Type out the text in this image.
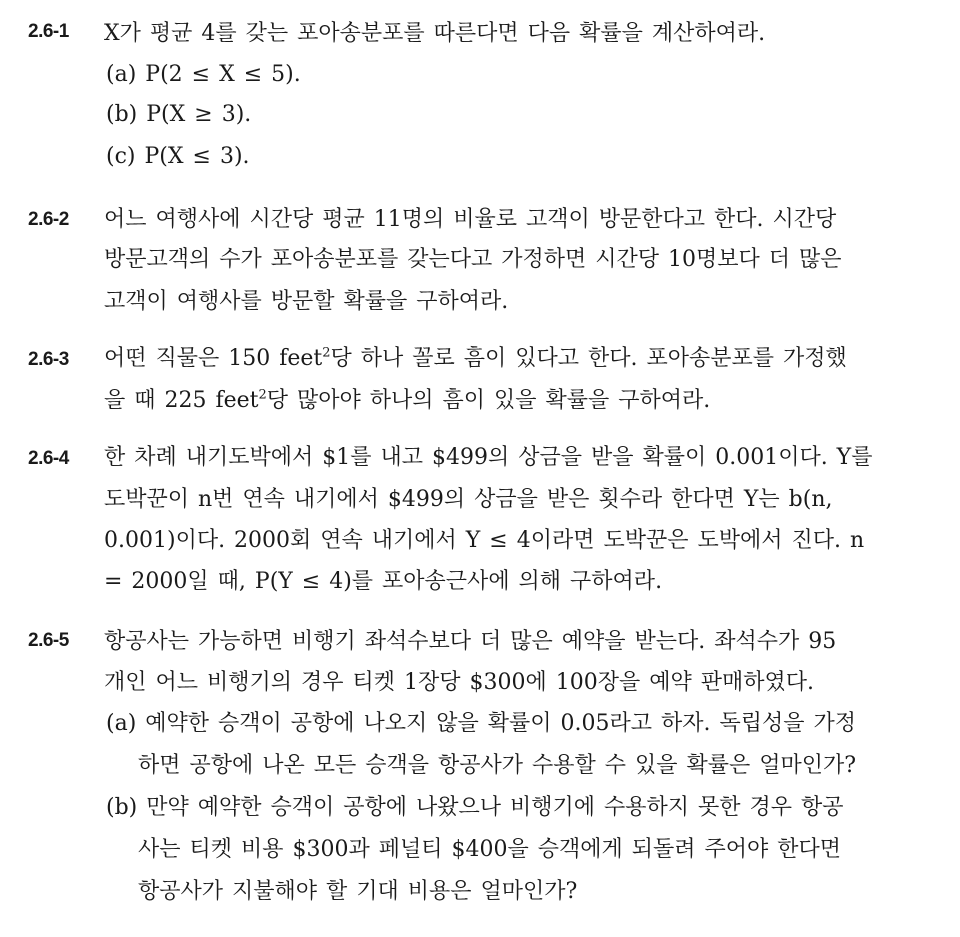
2.6-1 X가 평균 4를 갖는 포아송분포를 따른다면 다음 확률을 계산하여라.
(a) P(2 ≤ X ≤ 5).
(b) P(X ≥ 3).
(c) P(X ≤ 3).
2.6-2 어느 여행사에 시간당 평균 11명의 비율로 고객이 방문한다고 한다. 시간당
방문고객의 수가 포아송분포를 갖는다고 가정하면 시간당 10명보다 더 많은
고객이 여행사를 방문할 확률을 구하여라.
2.6-3 어떤 직물은 150 feet$^2$당 하나 꼴로 흠이 있다고 한다. 포아송분포를 가정했
을 때 225 feet$^2$당 많아야 하나의 흠이 있을 확률을 구하여라.
2.6-4 한 차례 내기도박에서 $1를 내고 $499의 상금을 받을 확률이 0.001이다. Y를
도박꾼이 n번 연속 내기에서 $499의 상금을 받은 횟수라 한다면 Y는 b(n,
0.001)이다. 2000회 연속 내기에서 Y ≤ 4이라면 도박꾼은 도박에서 진다. n
= 2000일 때, P(Y ≤ 4)를 포아송근사에 의해 구하여라.
2.6-5 항공사는 가능하면 비행기 좌석수보다 더 많은 예약을 받는다. 좌석수가 95
개인 어느 비행기의 경우 티켓 1장당 $300에 100장을 예약 판매하였다.
(a) 예약한 승객이 공항에 나오지 않을 확률이 0.05라고 하자. 독립성을 가정
하면 공항에 나온 모든 승객을 항공사가 수용할 수 있을 확률은 얼마인가?
(b) 만약 예약한 승객이 공항에 나왔으나 비행기에 수용하지 못한 경우 항공
사는 티켓 비용 $300과 페널티 $400을 승객에게 되돌려 주어야 한다면
항공사가 지불해야 할 기대 비용은 얼마인가?
